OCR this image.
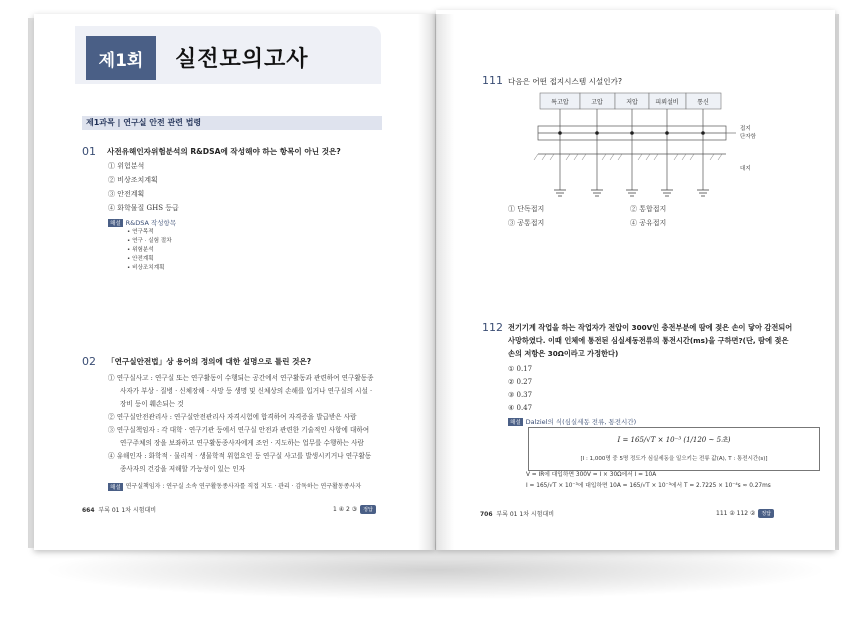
제1회	실전모의고사
제1과목 | 연구실 안전 관련 법령
01 사전유해인자위험분석의 R&DSA에 작성해야 하는 항목이 아닌 것은?
① 위험분석
② 비상조치계획
③ 안전계획
④ 화학물질 GHS 등급
해설 R&DSA 작성항목
• 연구목적
• 연구 · 실험 절차
• 위험분석
• 안전계획
• 비상조치계획
02 「연구실안전법」상 용어의 정의에 대한 설명으로 틀린 것은?
① 연구실사고 : 연구실 또는 연구활동이 수행되는 공간에서 연구활동과 관련하여 연구활동종
사자가 부상 · 질병 · 신체장해 · 사망 등 생명 및 신체상의 손해를 입거나 연구실의 시설 ·
장비 등이 훼손되는 것
② 연구실안전관리사 : 연구실안전관리사 자격시험에 합격하여 자격증을 발급받은 사람
③ 연구실책임자 : 각 대학 · 연구기관 등에서 연구실 안전과 관련한 기술적인 사항에 대하여
연구주체의 장을 보좌하고 연구활동종사자에게 조언 · 지도하는 업무를 수행하는 사람
④ 유해인자 : 화학적 · 물리적 · 생물학적 위험요인 등 연구실 사고를 발생시키거나 연구활동
종사자의 건강을 저해할 가능성이 있는 인자
해설 연구실책임자 : 연구실 소속 연구활동종사자를 직접 지도 · 관리 · 감독하는 연구활동종사자
664 부록 01 1차 시험대비	1 ④ 2 ③ 정답
111 다음은 어떤 접지시스템 시설인가?
특고압	고압	저압	피뢰설비	통신
접지
단자함
대지
① 단독접지	② 통합접지
③ 공통접지	④ 공유접지
112 전기기계 작업을 하는 작업자가 전압이 300V인 충전부분에 땀에 젖은 손이 닿아 감전되어
사망하였다. 이때 인체에 통전된 심실세동전류의 통전시간(ms)을 구하면?(단, 땀에 젖은
손의 저항은 30Ω이라고 가정한다)
① 0.17
② 0.27
③ 0.37
④ 0.47
해설 Dalziel의 식(심실세동 전류, 통전시간)
I = 165/√T × 10⁻³ (1/120 ~ 5초)
[I : 1,000명 중 5명 정도가 심실세동을 일으키는 전류 값(A), T : 통전시간(s)]
V = IR에 대입하면 300V = I × 30Ω에서 I = 10A
I = 165/√T × 10⁻³에 대입하면 10A = 165/√T × 10⁻³에서 T = 2.7225 × 10⁻⁴s ≈ 0.27ms
706 부록 01 1차 시험대비	111 ② 112 ② 정답
